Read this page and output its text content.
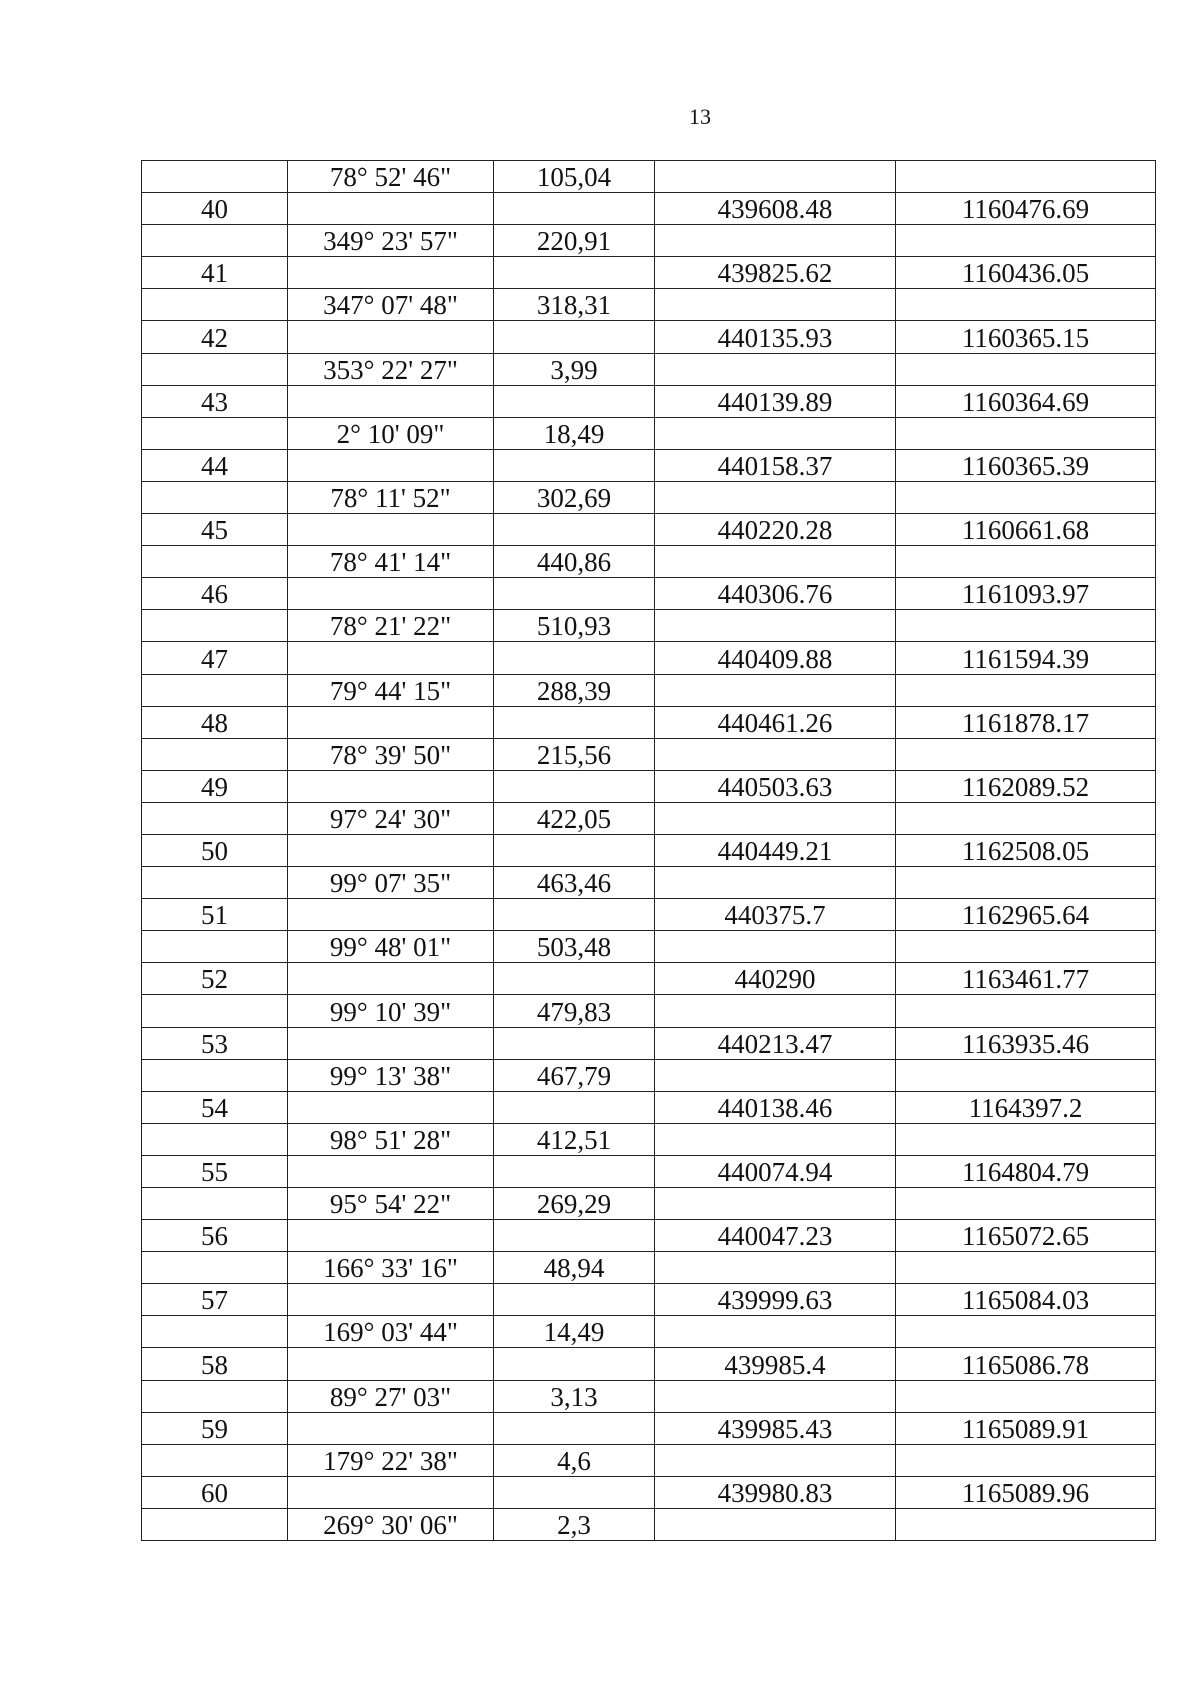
13
	78° 52' 46"	105,04		
40			439608.48	1160476.69
	349° 23' 57"	220,91		
41			439825.62	1160436.05
	347° 07' 48"	318,31		
42			440135.93	1160365.15
	353° 22' 27"	3,99		
43			440139.89	1160364.69
	2° 10' 09"	18,49		
44			440158.37	1160365.39
	78° 11' 52"	302,69		
45			440220.28	1160661.68
	78° 41' 14"	440,86		
46			440306.76	1161093.97
	78° 21' 22"	510,93		
47			440409.88	1161594.39
	79° 44' 15"	288,39		
48			440461.26	1161878.17
	78° 39' 50"	215,56		
49			440503.63	1162089.52
	97° 24' 30"	422,05		
50			440449.21	1162508.05
	99° 07' 35"	463,46		
51			440375.7	1162965.64
	99° 48' 01"	503,48		
52			440290	1163461.77
	99° 10' 39"	479,83		
53			440213.47	1163935.46
	99° 13' 38"	467,79		
54			440138.46	1164397.2
	98° 51' 28"	412,51		
55			440074.94	1164804.79
	95° 54' 22"	269,29		
56			440047.23	1165072.65
	166° 33' 16"	48,94		
57			439999.63	1165084.03
	169° 03' 44"	14,49		
58			439985.4	1165086.78
	89° 27' 03"	3,13		
59			439985.43	1165089.91
	179° 22' 38"	4,6		
60			439980.83	1165089.96
	269° 30' 06"	2,3		
